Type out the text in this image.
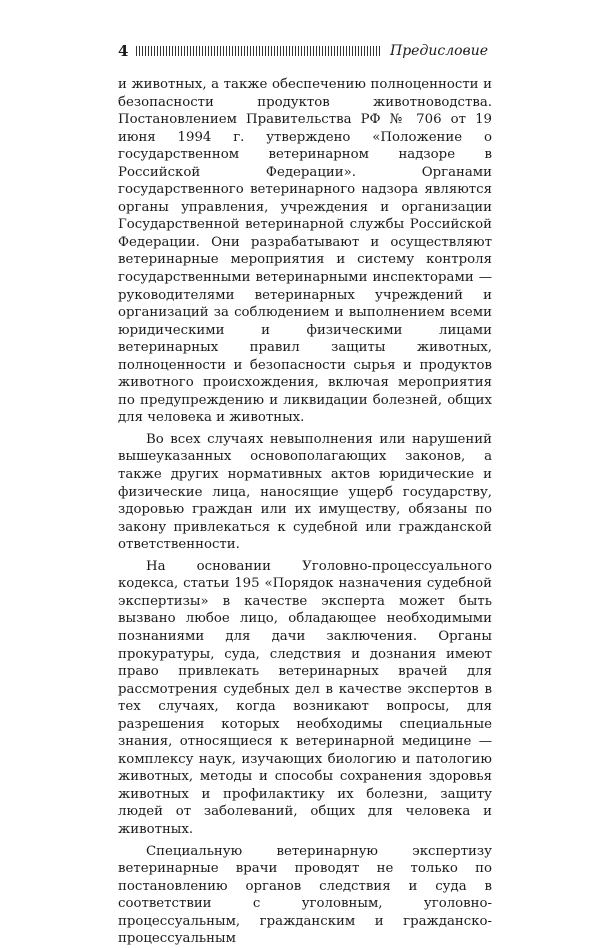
4	Предисловие

и животных, а также обеспечению полноценности и безопасности продуктов животноводства. Постановлением Правительства РФ № 706 от 19 июня 1994 г. утверждено «Положение о государственном ветеринарном надзоре в Российской Федерации». Органами государственного ветеринарного надзора являются органы управления, учреждения и организации Государственной ветеринарной службы Российской Федерации. Они разрабатывают и осуществляют ветеринарные мероприятия и систему контроля государственными ветеринарными инспекторами — руководителями ветеринарных учреждений и организаций за соблюдением и выполнением всеми юридическими и физическими лицами ветеринарных правил защиты животных, полноценности и безопасности сырья и продуктов животного происхождения, включая мероприятия по предупреждению и ликвидации болезней, общих для человека и животных.

Во всех случаях невыполнения или нарушений вышеуказанных основополагающих законов, а также других нормативных актов юридические и физические лица, наносящие ущерб государству, здоровью граждан или их имуществу, обязаны по закону привлекаться к судебной или гражданской ответственности.

На основании Уголовно-процессуального кодекса, статьи 195 «Порядок назначения судебной экспертизы» в качестве эксперта может быть вызвано любое лицо, обладающее необходимыми познаниями для дачи заключения. Органы прокуратуры, суда, следствия и дознания имеют право привлекать ветеринарных врачей для рассмотрения судебных дел в качестве экспертов в тех случаях, когда возникают вопросы, для разрешения которых необходимы специальные знания, относящиеся к ветеринарной медицине — комплексу наук, изучающих биологию и патологию животных, методы и способы сохранения здоровья животных и профилактику их болезни, защиту людей от заболеваний, общих для человека и животных.

Специальную ветеринарную экспертизу ветеринарные врачи проводят не только по постановлению органов следствия и суда в соответствии с уголовным, уголовно-процессуальным, гражданским и гражданско-процессуальным
